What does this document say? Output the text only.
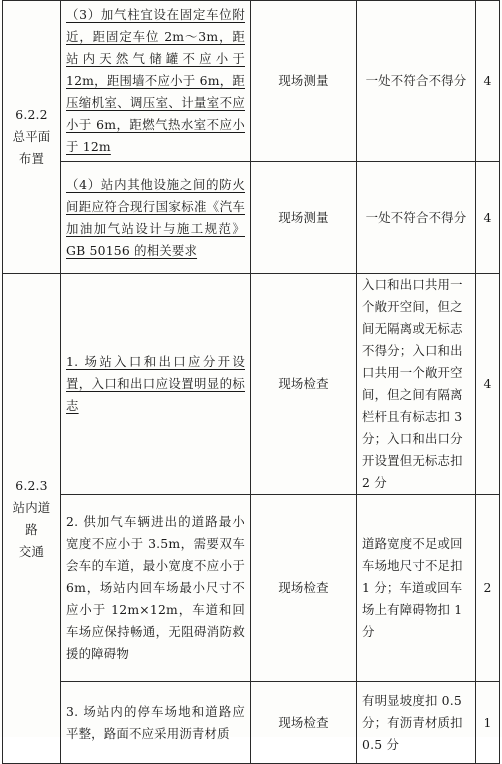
6.2.2
总平面
布置	（3）加气柱宜设在固定车位附近，距固定车位 2m～3m，距站内天然气储罐不应小于 12m，距围墙不应小于 6m，距压缩机室、调压室、计量室不应小于 6m，距燃气热水室不应小于 12m	现场测量	一处不符合不得分	4
	（4）站内其他设施之间的防火间距应符合现行国家标准《汽车加油加气站设计与施工规范》GB 50156 的相关要求	现场测量	一处不符合不得分	4

6.2.3
站内道路
交通	1. 场站入口和出口应分开设置，入口和出口应设置明显的标志	现场检查	入口和出口共用一个敞开空间，但之间无隔离或无标志不得分；入口和出口共用一个敞开空间，但之间有隔离栏杆且有标志扣 3 分；入口和出口分开设置但无标志扣 2 分	4
	2. 供加气车辆进出的道路最小宽度不应小于 3.5m，需要双车会车的车道，最小宽度不应小于 6m，场站内回车场最小尺寸不应小于 12m×12m，车道和回车场应保持畅通，无阻碍消防救援的障碍物	现场检查	道路宽度不足或回车场地尺寸不足扣 1 分；车道或回车场上有障碍物扣 1 分	2
	3. 场站内的停车场地和道路应平整，路面不应采用沥青材质	现场检查	有明显坡度扣 0.5 分；有沥青材质扣 0.5 分	1
